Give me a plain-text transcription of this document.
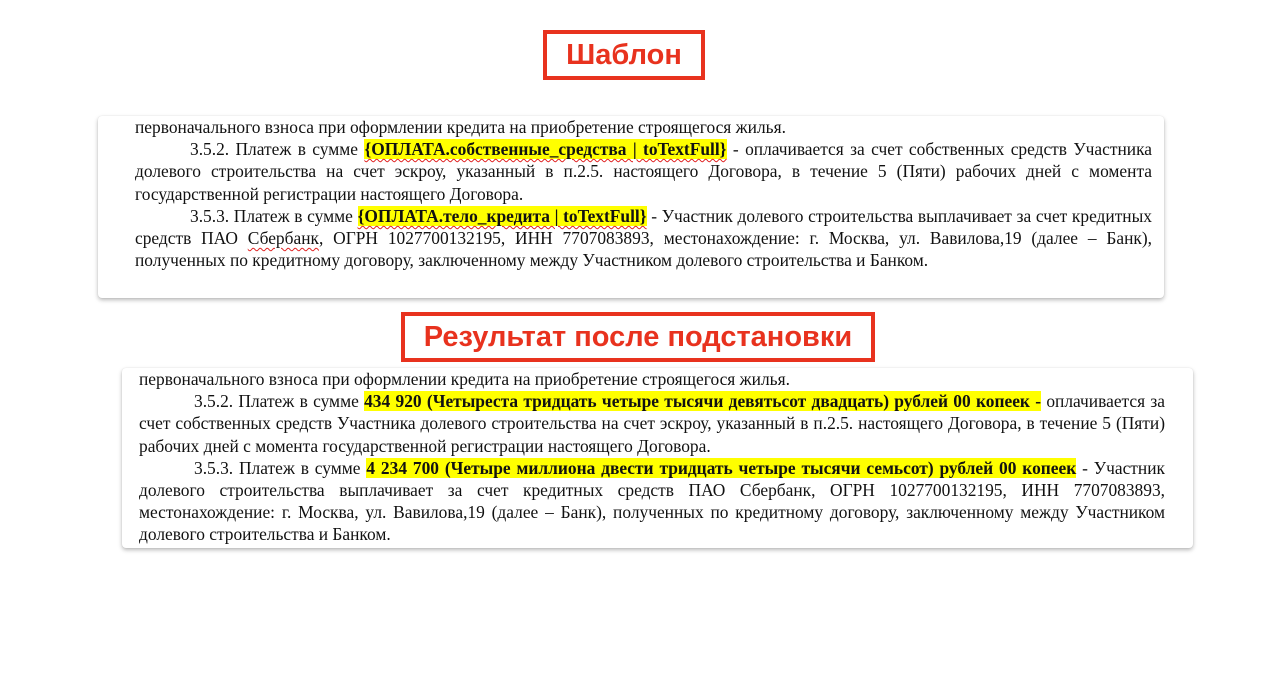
Шаблон

первоначального взноса при оформлении кредита на приобретение строящегося жилья.

3.5.2. Платеж в сумме {ОПЛАТА.собственные_средства | toTextFull} - оплачивается за счет собственных средств Участника долевого строительства на счет эскроу, указанный в п.2.5. настоящего Договора, в течение 5 (Пяти) рабочих дней с момента государственной регистрации настоящего Договора.

3.5.3. Платеж в сумме {ОПЛАТА.тело_кредита | toTextFull} - Участник долевого строительства выплачивает за счет кредитных средств ПАО Сбербанк, ОГРН 1027700132195, ИНН 7707083893, местонахождение: г. Москва, ул. Вавилова,19 (далее – Банк), полученных по кредитному договору, заключенному между Участником долевого строительства и Банком.

Результат после подстановки

первоначального взноса при оформлении кредита на приобретение строящегося жилья.

3.5.2. Платеж в сумме 434 920 (Четыреста тридцать четыре тысячи девятьсот двадцать) рублей 00 копеек - оплачивается за счет собственных средств Участника долевого строительства на счет эскроу, указанный в п.2.5. настоящего Договора, в течение 5 (Пяти) рабочих дней с момента государственной регистрации настоящего Договора.

3.5.3. Платеж в сумме 4 234 700 (Четыре миллиона двести тридцать четыре тысячи семьсот) рублей 00 копеек - Участник долевого строительства выплачивает за счет кредитных средств ПАО Сбербанк, ОГРН 1027700132195, ИНН 7707083893, местонахождение: г. Москва, ул. Вавилова,19 (далее – Банк), полученных по кредитному договору, заключенному между Участником долевого строительства и Банком.
